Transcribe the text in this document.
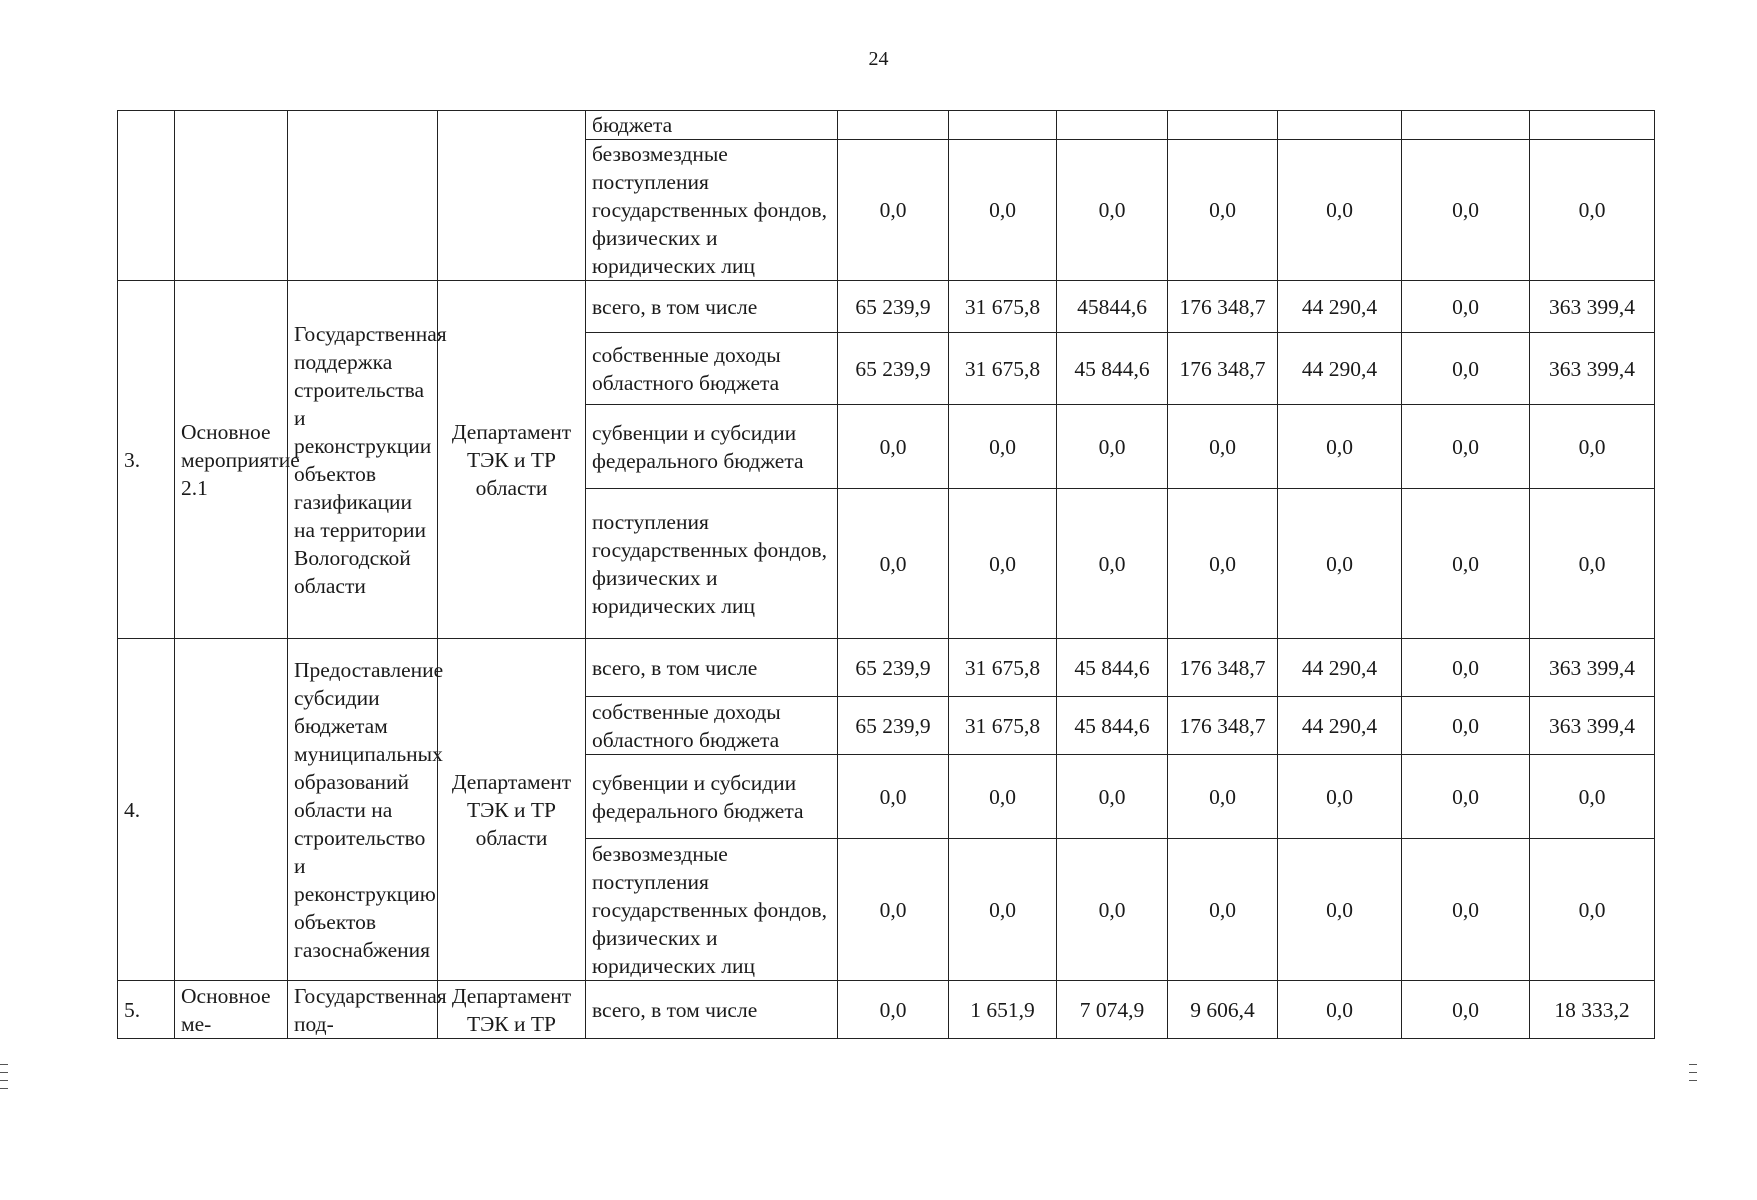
24
				бюджета							
				безвозмездные поступления государственных фондов, физических и юридических лиц	0,0	0,0	0,0	0,0	0,0	0,0	0,0
3.	Основное мероприятие 2.1	Государственная поддержка строительства и реконструкции объектов газификации на территории Вологодской области	Департамент ТЭК и ТР области	всего, в том числе	65 239,9	31 675,8	45844,6	176 348,7	44 290,4	0,0	363 399,4
				собственные доходы областного бюджета	65 239,9	31 675,8	45 844,6	176 348,7	44 290,4	0,0	363 399,4
				субвенции и субсидии федерального бюджета	0,0	0,0	0,0	0,0	0,0	0,0	0,0
				поступления государственных фондов, физических и юридических лиц	0,0	0,0	0,0	0,0	0,0	0,0	0,0
4.		Предоставление субсидии бюджетам муниципальных образований области на строительство и реконструкцию объектов газоснабжения	Департамент ТЭК и ТР области	всего, в том числе	65 239,9	31 675,8	45 844,6	176 348,7	44 290,4	0,0	363 399,4
				собственные доходы областного бюджета	65 239,9	31 675,8	45 844,6	176 348,7	44 290,4	0,0	363 399,4
				субвенции и субсидии федерального бюджета	0,0	0,0	0,0	0,0	0,0	0,0	0,0
				безвозмездные поступления государственных фондов, физических и юридических лиц	0,0	0,0	0,0	0,0	0,0	0,0	0,0
5.	Основное ме-	Государственная под-	Департамент ТЭК и ТР	всего, в том числе	0,0	1 651,9	7 074,9	9 606,4	0,0	0,0	18 333,2
